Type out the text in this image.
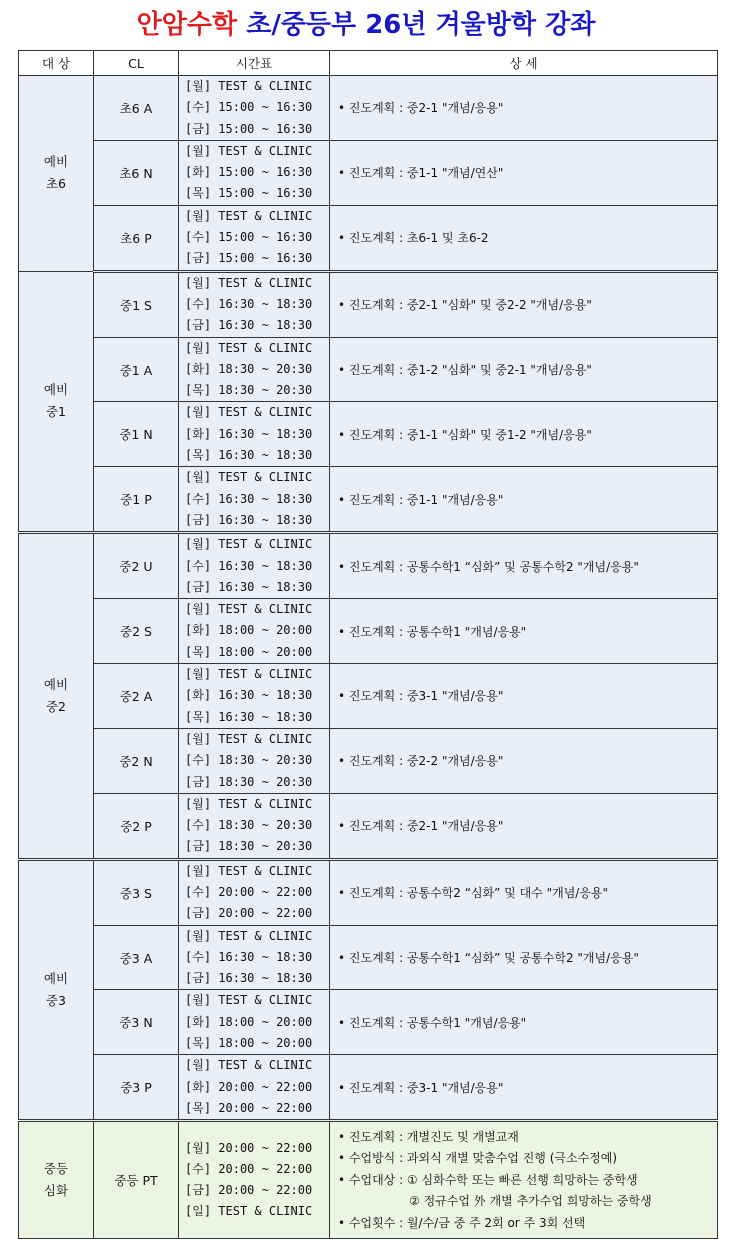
안암수학 초/중등부 26년 겨울방학 강좌
대 상	CL	시간표	상 세

예비
초6	초6 A	[월] TEST & CLINIC
[수] 15:00 ~ 16:30
[금] 15:00 ~ 16:30	• 진도계획 : 중2-1 "개념/응용"
	초6 N	[월] TEST & CLINIC
[화] 15:00 ~ 16:30
[목] 15:00 ~ 16:30	• 진도계획 : 중1-1 "개념/연산"
	초6 P	[월] TEST & CLINIC
[수] 15:00 ~ 16:30
[금] 15:00 ~ 16:30	• 진도계획 : 초6-1 및 초6-2

예비
중1	중1 S	[월] TEST & CLINIC
[수] 16:30 ~ 18:30
[금] 16:30 ~ 18:30	• 진도계획 : 중2-1 "심화" 및 중2-2 "개념/응용"
	중1 A	[월] TEST & CLINIC
[화] 18:30 ~ 20:30
[목] 18:30 ~ 20:30	• 진도계획 : 중1-2 "심화" 및 중2-1 "개념/응용"
	중1 N	[월] TEST & CLINIC
[화] 16:30 ~ 18:30
[목] 16:30 ~ 18:30	• 진도계획 : 중1-1 "심화" 및 중1-2 "개념/응용"
	중1 P	[월] TEST & CLINIC
[수] 16:30 ~ 18:30
[금] 16:30 ~ 18:30	• 진도계획 : 중1-1 "개념/응용"

예비
중2	중2 U	[월] TEST & CLINIC
[수] 16:30 ~ 18:30
[금] 16:30 ~ 18:30	• 진도계획 : 공통수학1 “심화” 및 공통수학2 "개념/응용"
	중2 S	[월] TEST & CLINIC
[화] 18:00 ~ 20:00
[목] 18:00 ~ 20:00	• 진도계획 : 공통수학1 "개념/응용"
	중2 A	[월] TEST & CLINIC
[화] 16:30 ~ 18:30
[목] 16:30 ~ 18:30	• 진도계획 : 중3-1 "개념/응용"
	중2 N	[월] TEST & CLINIC
[수] 18:30 ~ 20:30
[금] 18:30 ~ 20:30	• 진도계획 : 중2-2 "개념/응용"
	중2 P	[월] TEST & CLINIC
[수] 18:30 ~ 20:30
[금] 18:30 ~ 20:30	• 진도계획 : 중2-1 "개념/응용"

예비
중3	중3 S	[월] TEST & CLINIC
[수] 20:00 ~ 22:00
[금] 20:00 ~ 22:00	• 진도계획 : 공통수학2 “심화” 및 대수 "개념/응용"
	중3 A	[월] TEST & CLINIC
[수] 16:30 ~ 18:30
[금] 16:30 ~ 18:30	• 진도계획 : 공통수학1 “심화” 및 공통수학2 "개념/응용"
	중3 N	[월] TEST & CLINIC
[화] 18:00 ~ 20:00
[목] 18:00 ~ 20:00	• 진도계획 : 공통수학1 "개념/응용"
	중3 P	[월] TEST & CLINIC
[화] 20:00 ~ 22:00
[목] 20:00 ~ 22:00	• 진도계획 : 중3-1 "개념/응용"

중등
심화	중등 PT	[월] 20:00 ~ 22:00
[수] 20:00 ~ 22:00
[금] 20:00 ~ 22:00
[일] TEST & CLINIC	• 진도계획 : 개별진도 및 개별교재
• 수업방식 : 과외식 개별 맞춤수업 진행 (극소수정예)
• 수업대상 : ① 심화수학 또는 빠른 선행 희망하는 중학생
② 정규수업 外 개별 추가수업 희망하는 중학생
• 수업횟수 : 월/수/금 중 주 2회 or 주 3회 선택
